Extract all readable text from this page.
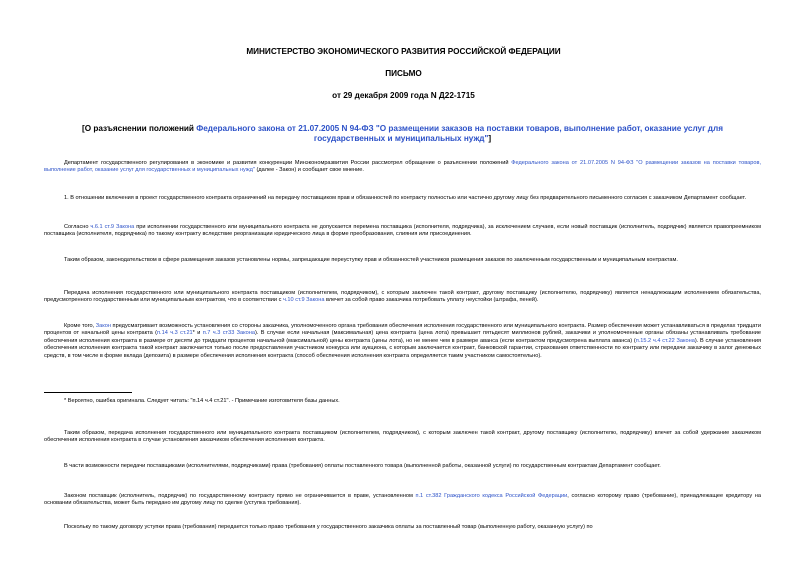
МИНИСТЕРСТВО ЭКОНОМИЧЕСКОГО РАЗВИТИЯ РОССИЙСКОЙ ФЕДЕРАЦИИ
ПИСЬМО
от 29 декабря 2009 года N Д22-1715
[О разъяснении положений Федерального закона от 21.07.2005 N 94-ФЗ "О размещении заказов на поставки товаров, выполнение работ, оказание услуг для государственных и муниципальных нужд"]

Департамент государственного регулирования в экономике и развития конкуренции Минэкономразвития России рассмотрел обращение о разъяснении положений Федерального закона от 21.07.2005 N 94-ФЗ "О размещении заказов на поставки товаров, выполнение работ, оказание услуг для государственных и муниципальных нужд" (далее - Закон) и сообщает свое мнение.

1. В отношении включения в проект государственного контракта ограничений на передачу поставщиком прав и обязанностей по контракту полностью или частично другому лицу без предварительного письменного согласия с заказчиком Департамент сообщает.

Согласно ч.6.1 ст.9 Закона при исполнении государственного или муниципального контракта не допускается перемена поставщика (исполнителя, подрядчика), за исключением случаев, если новый поставщик (исполнитель, подрядчик) является правопреемником поставщика (исполнителя, подрядчика) по такому контракту вследствие реорганизации юридического лица в форме преобразования, слияния или присоединения.

Таким образом, законодательством в сфере размещения заказов установлены нормы, запрещающие переуступку прав и обязанностей участников размещения заказов по заключенным государственным и муниципальным контрактам.

Передача исполнения государственного или муниципального контракта поставщиком (исполнителем, подрядчиком), с которым заключен такой контракт, другому поставщику (исполнителю, подрядчику) является ненадлежащим исполнением обязательства, предусмотренного государственным или муниципальным контрактом, что в соответствии с ч.10 ст.9 Закона влечет за собой право заказчика потребовать уплату неустойки (штрафа, пеней).

Кроме того, Закон предусматривает возможность установления со стороны заказчика, уполномоченного органа требования обеспечения исполнения государственного или муниципального контракта. Размер обеспечения может устанавливаться в пределах тридцати процентов от начальной цены контракта (п.14 ч.3 ст.21* и п.7 ч.3 ст33 Закона). В случае если начальная (максимальная) цена контракта (цена лота) превышает пятьдесят миллионов рублей, заказчики и уполномоченные органы обязаны устанавливать требование обеспечения исполнения контракта в размере от десяти до тридцати процентов начальной (максимальной) цены контракта (цены лота), но не менее чем в размере аванса (если контрактом предусмотрена выплата аванса) (п.15.2 ч.4 ст.22 Закона). В случае установления обеспечения исполнения контракта такой контракт заключается только после предоставления участником конкурса или аукциона, с которым заключается контракт, банковской гарантии, страхования ответственности по контракту или передачи заказчику в залог денежных средств, в том числе в форме вклада (депозита) в размере обеспечения исполнения контракта (способ обеспечения исполнения контракта определяется таким участником самостоятельно).

* Вероятно, ошибка оригинала. Следует читать: "п.14 ч.4 ст.21". - Примечание изготовителя базы данных.

Таким образом, передача исполнения государственного или муниципального контракта поставщиком (исполнителем, подрядчиком), с которым заключен такой контракт, другому поставщику (исполнителю, подрядчику) влечет за собой удержание заказчиком обеспечения исполнения контракта в случае установления заказчиком обеспечения исполнения контракта.

В части возможности передачи поставщиками (исполнителями, подрядчиками) права (требования) оплаты поставленного товара (выполненной работы, оказанной услуги) по государственным контрактам Департамент сообщает.

Законом поставщик (исполнитель, подрядчик) по государственному контракту прямо не ограничивается в праве, установленном п.1 ст.382 Гражданского кодекса Российской Федерации, согласно которому право (требование), принадлежащее кредитору на основании обязательства, может быть передано им другому лицу по сделке (уступка требования).

Поскольку по такому договору уступки права (требования) передается только право требования у государственного заказчика оплаты за поставленный товар (выполненную работу, оказанную услугу) по
